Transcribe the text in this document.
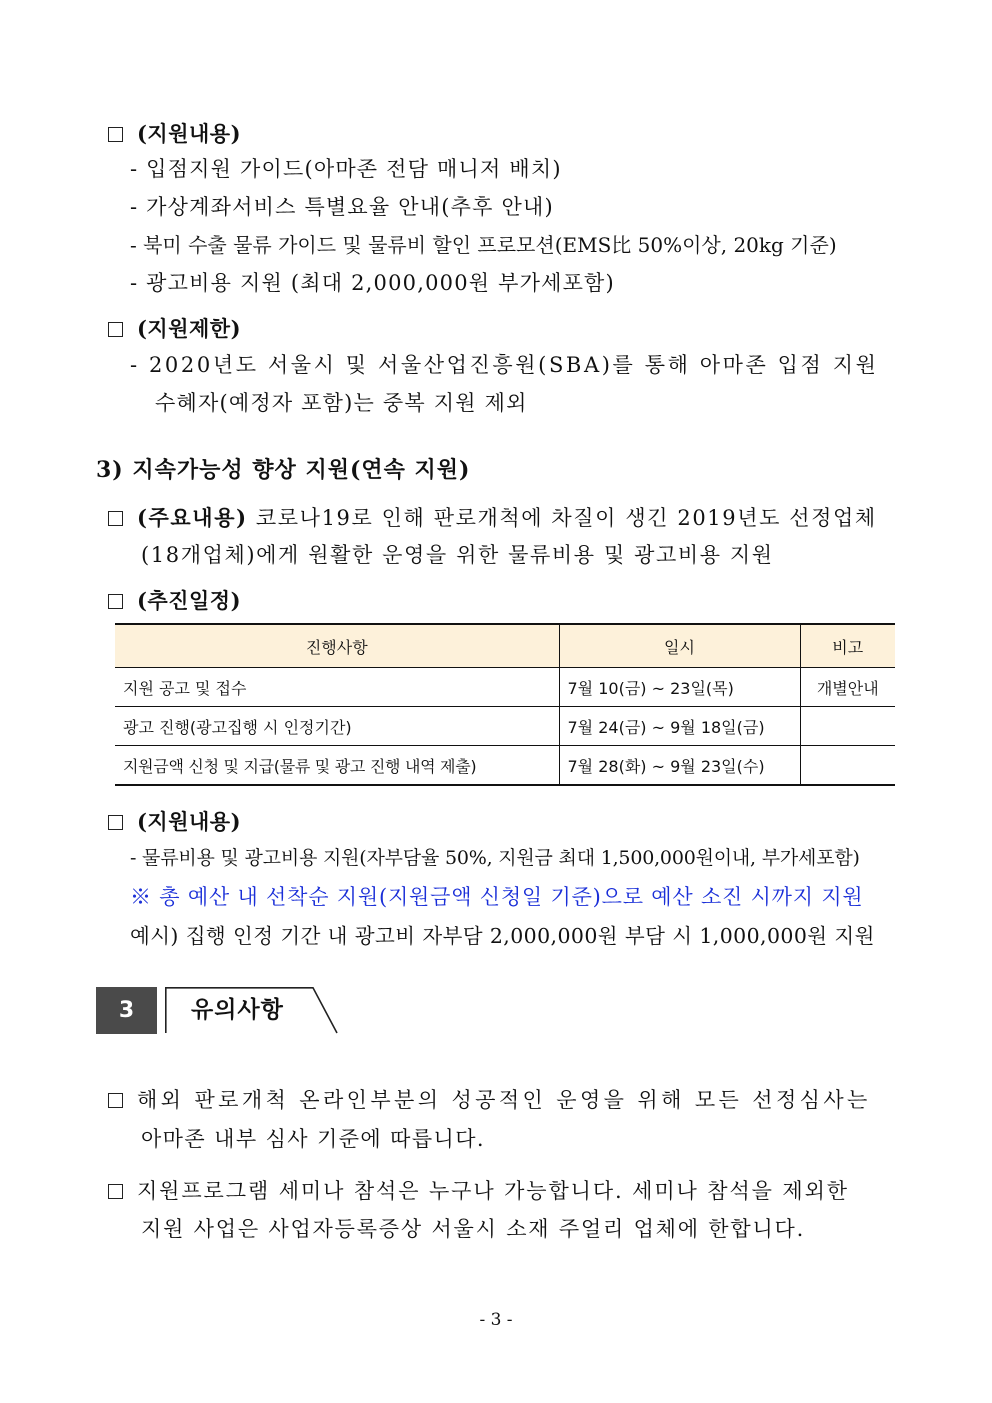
(지원내용)
- 입점지원 가이드(아마존 전담 매니저 배치)
- 가상계좌서비스 특별요율 안내(추후 안내)
- 북미 수출 물류 가이드 및 물류비 할인 프로모션(EMS比 50%이상, 20kg 기준)
- 광고비용 지원 (최대 2,000,000원 부가세포함)
(지원제한)
- 2020년도 서울시 및 서울산업진흥원(SBA)를 통해 아마존 입점 지원
수혜자(예정자 포함)는 중복 지원 제외
3) 지속가능성 향상 지원(연속 지원)
(주요내용) 코로나19로 인해 판로개척에 차질이 생긴 2019년도 선정업체
(18개업체)에게 원활한 운영을 위한 물류비용 및 광고비용 지원
(추진일정)
진행사항	일시	비고
지원 공고 및 접수	7월 10(금) ~ 23일(목)	개별안내
광고 진행(광고집행 시 인정기간)	7월 24(금) ~ 9월 18일(금)	
지원금액 신청 및 지급(물류 및 광고 진행 내역 제출)	7월 28(화) ~ 9월 23일(수)	
(지원내용)
- 물류비용 및 광고비용 지원(자부담율 50%, 지원금 최대 1,500,000원이내, 부가세포함)
※ 총 예산 내 선착순 지원(지원금액 신청일 기준)으로 예산 소진 시까지 지원
예시) 집행 인정 기간 내 광고비 자부담 2,000,000원 부담 시 1,000,000원 지원
3	유의사항
해외 판로개척 온라인부분의 성공적인 운영을 위해 모든 선정심사는
아마존 내부 심사 기준에 따릅니다.
지원프로그램 세미나 참석은 누구나 가능합니다. 세미나 참석을 제외한
지원 사업은 사업자등록증상 서울시 소재 주얼리 업체에 한합니다.
- 3 -
